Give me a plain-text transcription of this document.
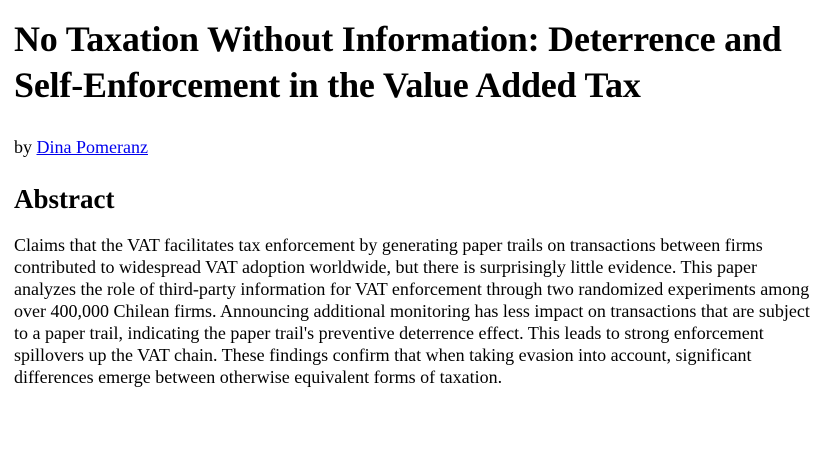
No Taxation Without Information: Deterrence and Self-Enforcement in the Value Added Tax

by Dina Pomeranz

Abstract

Claims that the VAT facilitates tax enforcement by generating paper trails on transactions between firms contributed to widespread VAT adoption worldwide, but there is surprisingly little evidence. This paper analyzes the role of third-party information for VAT enforcement through two randomized experiments among over 400,000 Chilean firms. Announcing additional monitoring has less impact on transactions that are subject to a paper trail, indicating the paper trail's preventive deterrence effect. This leads to strong enforcement spillovers up the VAT chain. These findings confirm that when taking evasion into account, significant differences emerge between otherwise equivalent forms of taxation.
